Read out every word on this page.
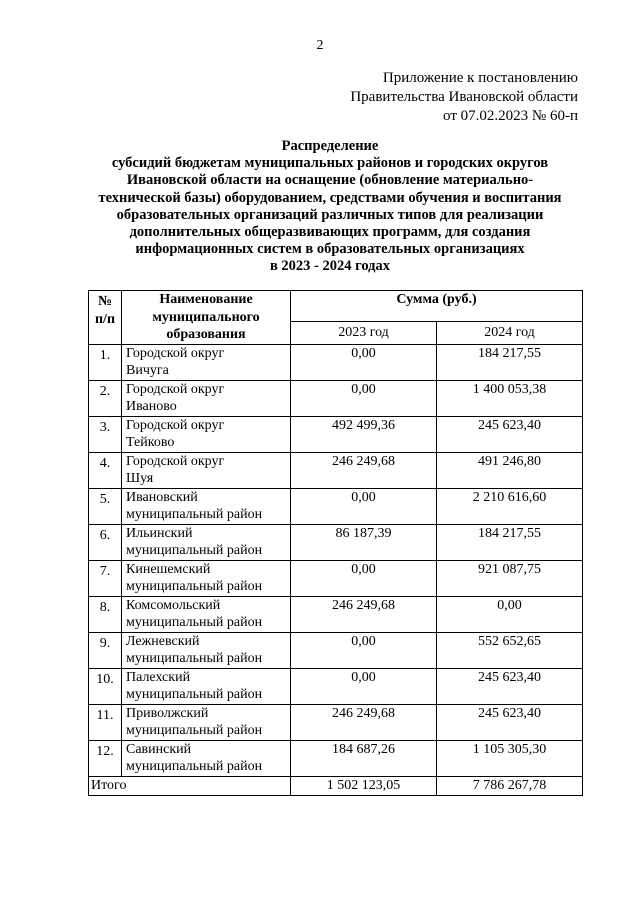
2
Приложение к постановлению
Правительства Ивановской области
от 07.02.2023 № 60-п
Распределение
субсидий бюджетам муниципальных районов и городских округов
Ивановской области на оснащение (обновление материально-
технической базы) оборудованием, средствами обучения и воспитания
образовательных организаций различных типов для реализации
дополнительных общеразвивающих программ, для создания
информационных систем в образовательных организациях
в 2023 - 2024 годах
№ п/п	Наименование муниципального образования	Сумма (руб.)	
		2023 год	2024 год
1.	Городской округ
Вичуга	0,00	184 217,55
2.	Городской округ
Иваново	0,00	1 400 053,38
3.	Городской округ
Тейково	492 499,36	245 623,40
4.	Городской округ
Шуя	246 249,68	491 246,80
5.	Ивановский
муниципальный район	0,00	2 210 616,60
6.	Ильинский
муниципальный район	86 187,39	184 217,55
7.	Кинешемский
муниципальный район	0,00	921 087,75
8.	Комсомольский
муниципальный район	246 249,68	0,00
9.	Лежневский
муниципальный район	0,00	552 652,65
10.	Палехский
муниципальный район	0,00	245 623,40
11.	Приволжский
муниципальный район	246 249,68	245 623,40
12.	Савинский
муниципальный район	184 687,26	1 105 305,30
Итого		1 502 123,05	7 786 267,78
